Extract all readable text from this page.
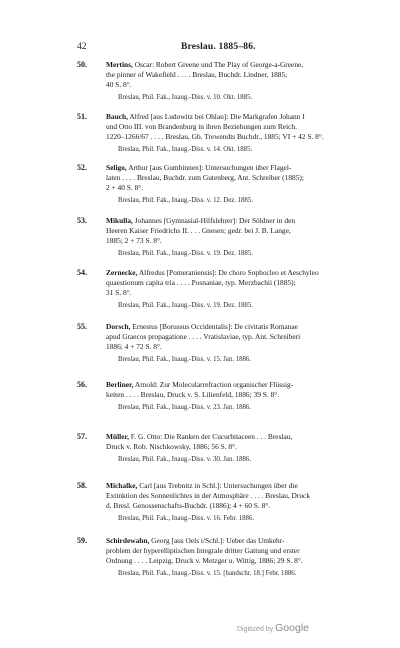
42	Breslau. 1885–86.
50.	Mertins, Oscar: Robert Greene und The Play of George-a-Greene,
the pinner of Wakefield . . . . Breslau, Buchdr. Lindner, 1885;
40 S. 8°.
Breslau, Phil. Fak., Inaug.-Diss. v. 10. Okt. 1885.
51.	Bauch, Alfred [aus Ludowitz bei Ohlau]: Die Markgrafen Johann I
und Otto III. von Brandenburg in ihren Beziehungen zum Reich.
1220–1266/67 . . . . Breslau, Gb. Trewendts Buchdr., 1885; VI + 42 S. 8°.
Breslau, Phil. Fak., Inaug.-Diss. v. 14. Okt. 1885.
52.	Seligo, Arthur [aus Gumbinnen]: Untersuchungen über Flagel-
laten . . . . Breslau, Buchdr. zum Gutenberg, Ant. Schreiber (1885);
2 + 40 S. 8°.
Breslau, Phil. Fak., Inaug.-Diss. v. 12. Dez. 1885.
53.	Mikulla, Johannes [Gymnasial-Hilfslehrer]: Der Söldner in den
Heeren Kaiser Friedrichs II. . . . Gnesen; gedr. bei J. B. Lange,
1885; 2 + 73 S. 8°.
Breslau, Phil. Fak., Inaug.-Diss. v. 19. Dez. 1885.
54.	Zernecke, Alfredus [Pomeraniensis]: De choro Sophocleo et Aeschyleo
quaestionum capita tria . . . . Posnaniae, typ. Merzbachii (1885);
31 S. 8°.
Breslau, Phil. Fak., Inaug.-Diss. v. 19. Dez. 1885.
55.	Dorsch, Ernestus [Borussus Occidentalis]: De civitatis Romanae
apud Graecos propagatione . . . . Vratislaviae, typ. Ant. Schreiberi
1886; 4 + 72 S. 8°.
Breslau, Phil. Fak., Inaug.-Diss. v. 15. Jan. 1886.
56.	Berliner, Arnold: Zur Molecularrefraction organischer Flüssig-
keiten . . . . Breslau, Druck v. S. Lilienfeld, 1886; 39 S. 8°.
Breslau, Phil. Fak., Inaug.-Diss. v. 23. Jan. 1886.
57.	Müller, F. G. Otto: Die Ranken der Cucurbitaceen . . . Breslau,
Druck v. Rob. Nischkowsky, 1886; 56 S. 8°.
Breslau, Phil. Fak., Inaug.-Diss. v. 30. Jan. 1886.
58.	Michalke, Carl [aus Trebnitz in Schl.]: Untersuchungen über die
Extinktion des Sonnenlichtes in der Atmosphäre . . . . Breslau, Druck
d. Bresl. Genossenschafts-Buchdr. (1886); 4 + 60 S. 8°.
Breslau, Phil. Fak., Inaug.-Diss. v. 16. Febr. 1886.
59.	Schirdewahn, Georg [aus Oels i/Schl.]: Ueber das Umkehr-
problem der hyperelliptischen Integrale dritter Gattung und erster
Ordnung . . . . Leipzig, Druck v. Metzger u. Wittig, 1886; 29 S. 8°.
Breslau, Phil. Fak., Inaug.-Diss. v. 15. [handschr. 18.] Febr. 1886.
Digitized by Google
